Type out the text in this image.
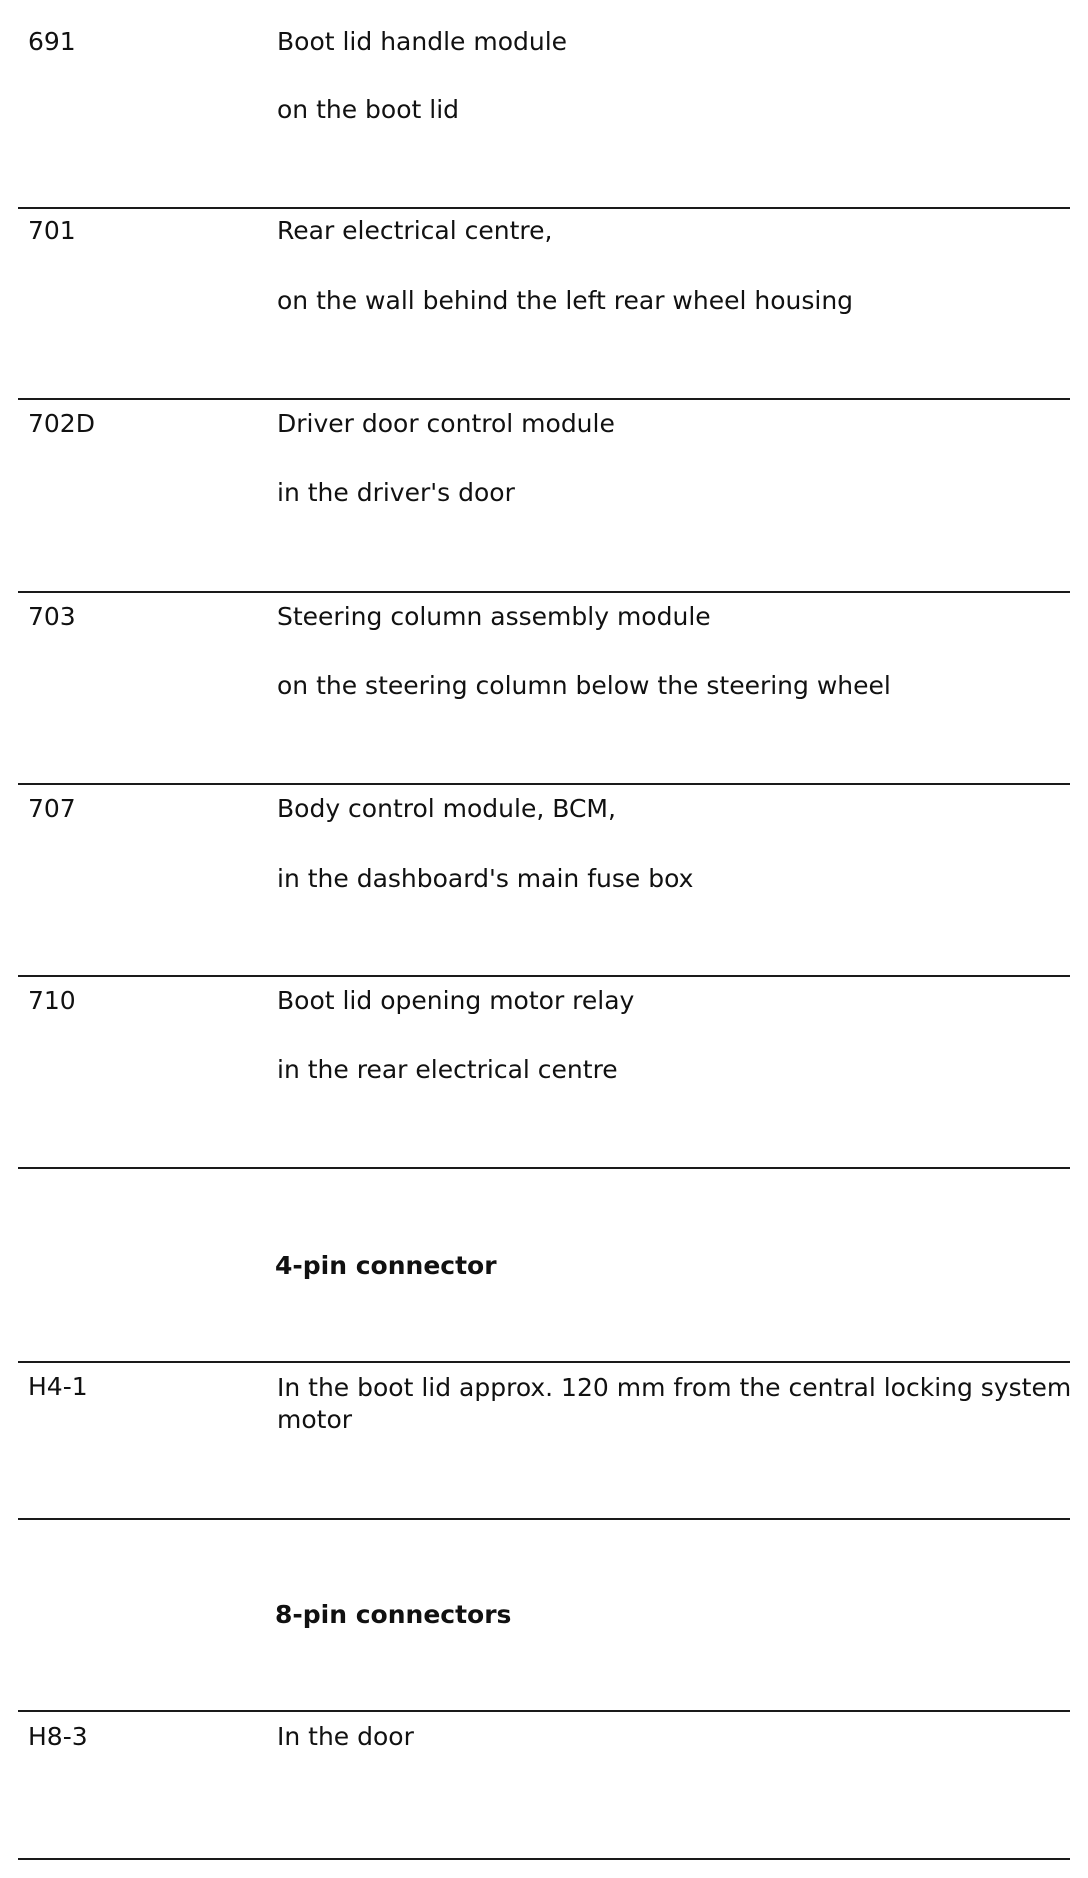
691	Boot lid handle module
on the boot lid
701	Rear electrical centre,
on the wall behind the left rear wheel housing
702D	Driver door control module
in the driver's door
703	Steering column assembly module
on the steering column below the steering wheel
707	Body control module, BCM,
in the dashboard's main fuse box
710	Boot lid opening motor relay
in the rear electrical centre
4-pin connector
H4-1	In the boot lid approx. 120 mm from the central locking system motor
8-pin connectors
H8-3	In the door
